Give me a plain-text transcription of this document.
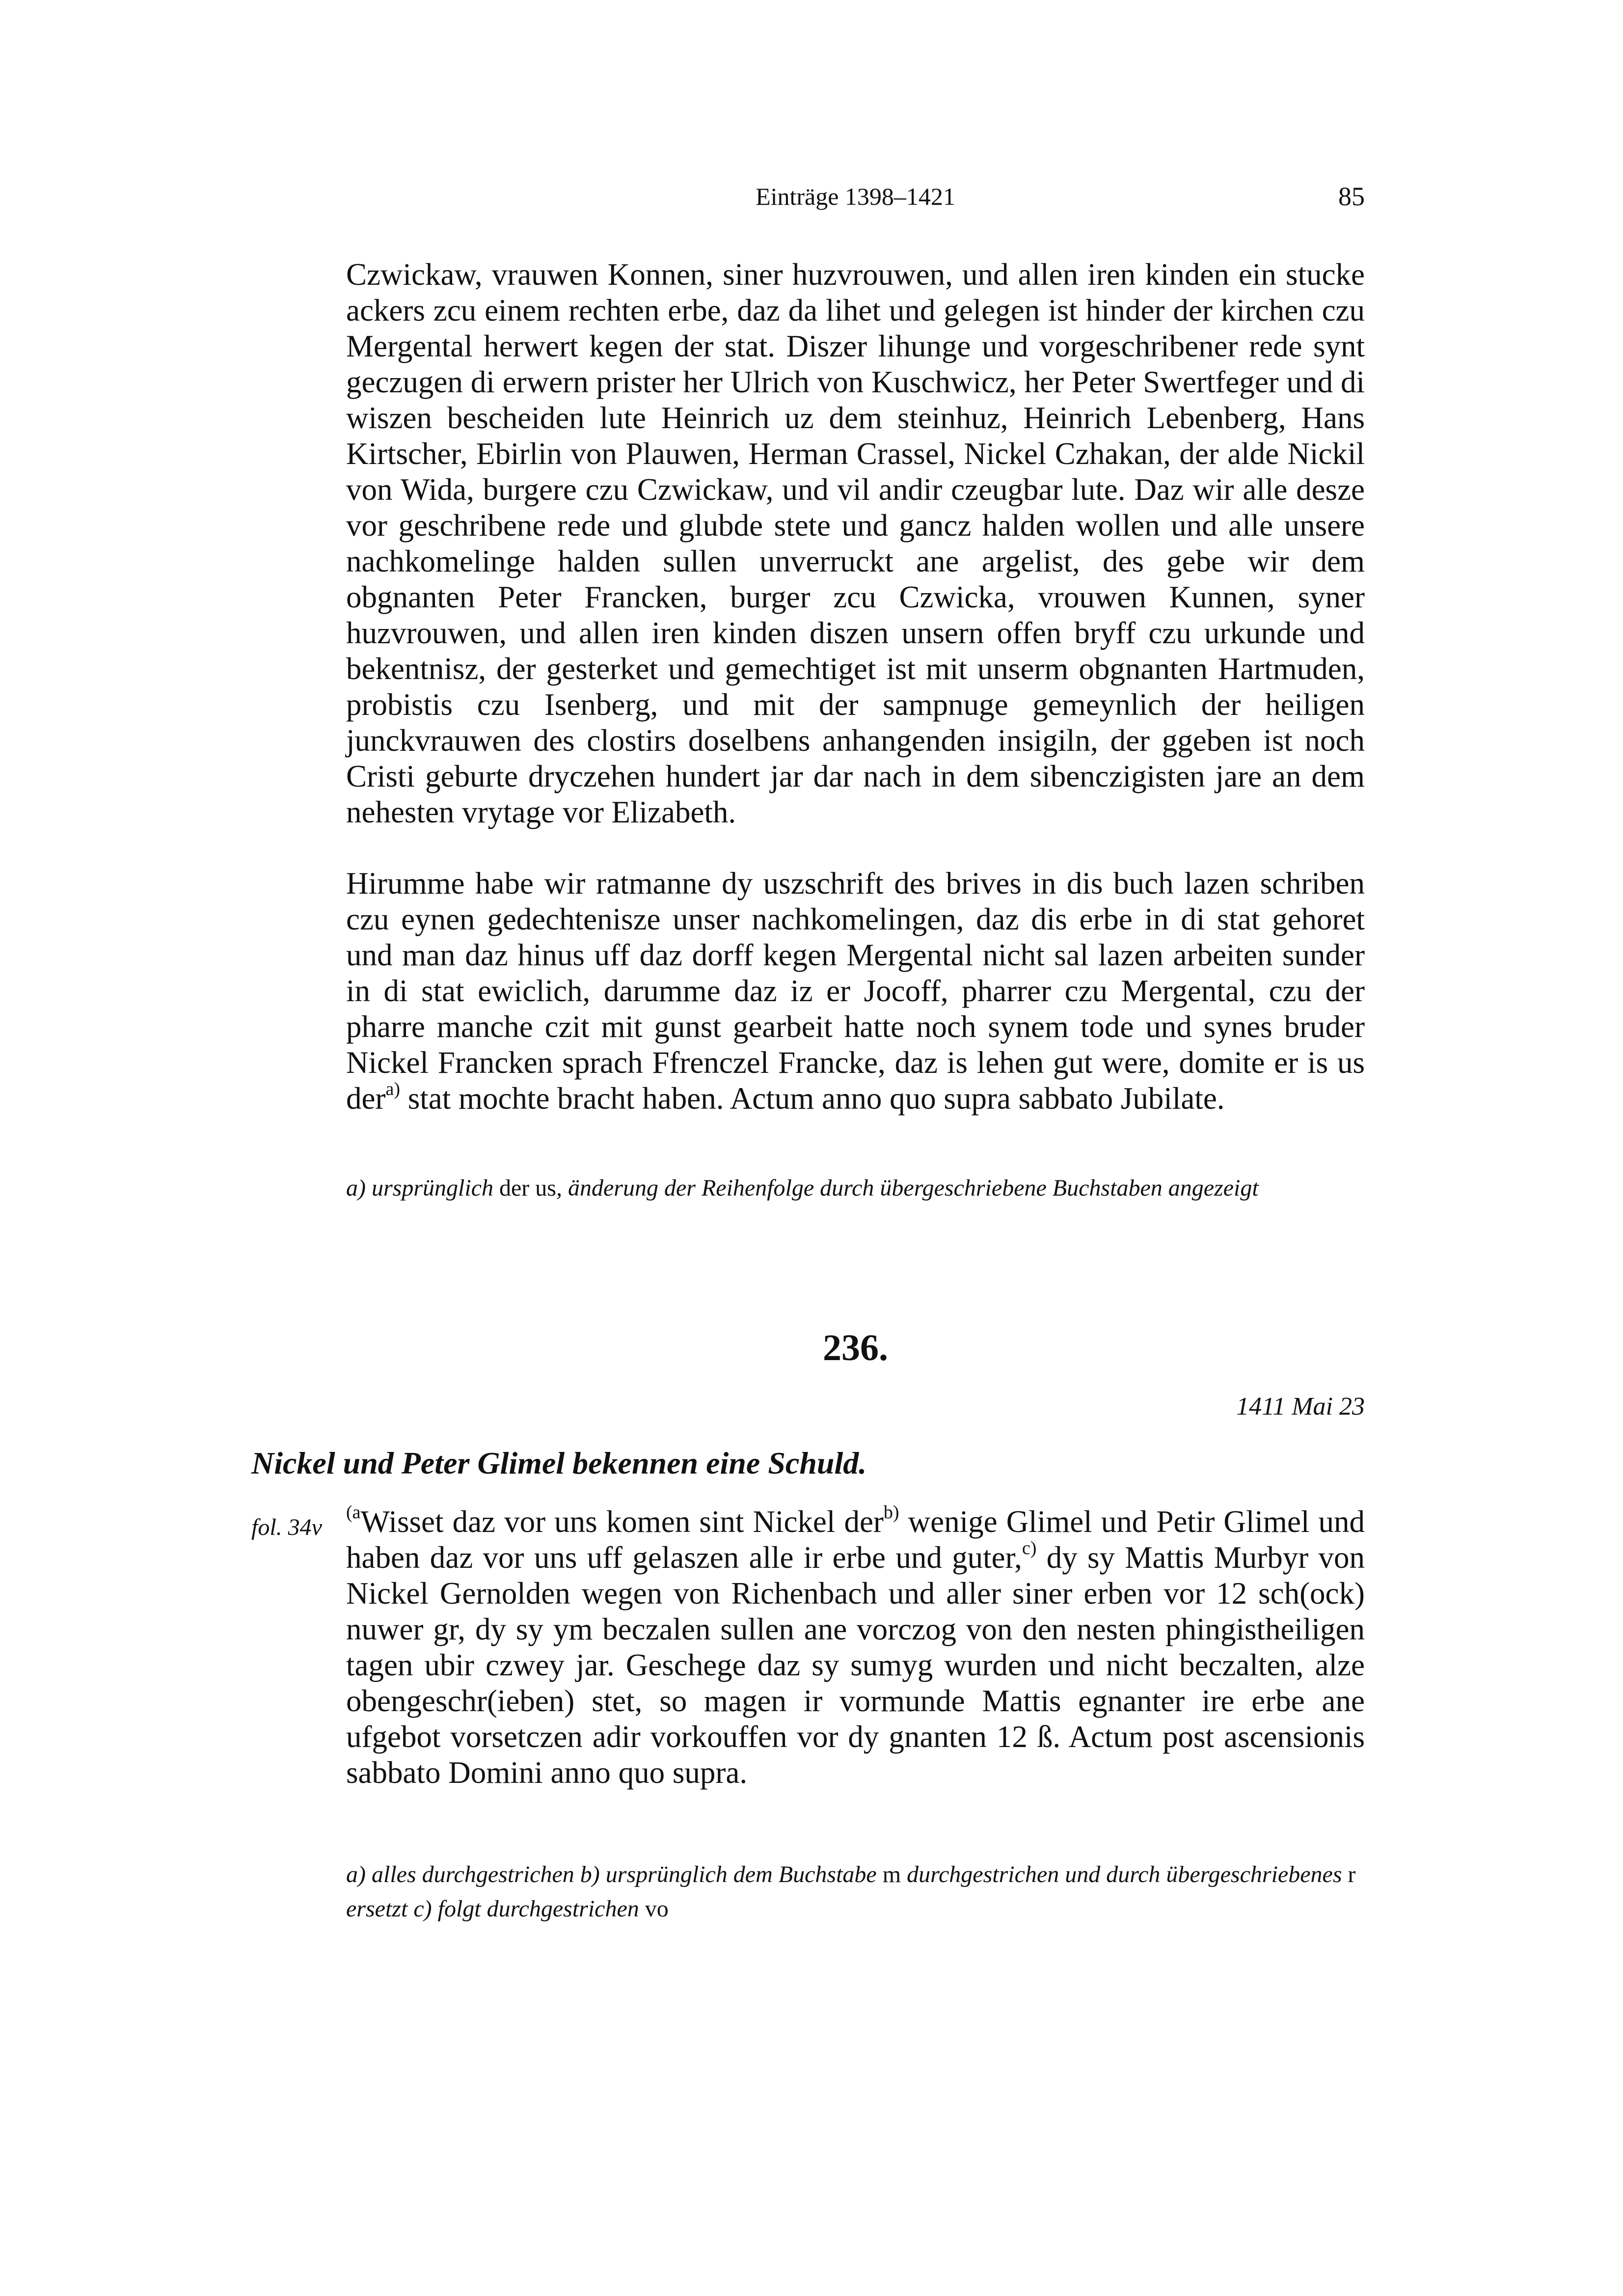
Einträge 1398–1421	85

Czwickaw, vrauwen Konnen, siner huzvrouwen, und allen iren kinden ein stucke ackers zcu einem rechten erbe, daz da lihet und gelegen ist hinder der kirchen czu Mergental herwert kegen der stat. Diszer lihunge und vorgeschribener rede synt geczugen di erwern prister her Ulrich von Kuschwicz, her Peter Swertfeger und di wiszen bescheiden lute Heinrich uz dem steinhuz, Heinrich Lebenberg, Hans Kirtscher, Ebirlin von Plauwen, Herman Crassel, Nickel Czhakan, der alde Nickil von Wida, burgere czu Czwickaw, und vil andir czeugbar lute. Daz wir alle desze vor geschribene rede und glubde stete und gancz halden wollen und alle unsere nachkomelinge halden sullen unverruckt ane argelist, des gebe wir dem obgnanten Peter Francken, burger zcu Czwicka, vrouwen Kunnen, syner huzvrouwen, und allen iren kinden diszen unsern offen bryff czu urkunde und bekentnisz, der gesterket und gemechtiget ist mit unserm obgnanten Hartmuden, probistis czu Isenberg, und mit der sampnuge gemeynlich der heiligen junckvrauwen des clostirs doselbens anhangenden insigiln, der ggeben ist noch Cristi geburte dryczehen hundert jar dar nach in dem sibenczigisten jare an dem nehesten vrytage vor Elizabeth.

Hirumme habe wir ratmanne dy uszschrift des brives in dis buch lazen schriben czu eynen gedechtenisze unser nachkomelingen, daz dis erbe in di stat gehoret und man daz hinus uff daz dorff kegen Mergental nicht sal lazen arbeiten sunder in di stat ewiclich, darumme daz iz er Jocoff, pharrer czu Mergental, czu der pharre manche czit mit gunst gearbeit hatte noch synem tode und synes bruder Nickel Francken sprach Ffrenczel Francke, daz is lehen gut were, domite er is us der$^{a)}$ stat mochte bracht haben. Actum anno quo supra sabbato Jubilate.

a) ursprünglich der us, änderung der Reihenfolge durch übergeschriebene Buchstaben angezeigt
236.
1411 Mai 23
Nickel und Peter Glimel bekennen eine Schuld.
fol. 34v

$^{(a}$Wisset daz vor uns komen sint Nickel der$^{b)}$ wenige Glimel und Petir Glimel und haben daz vor uns uff gelaszen alle ir erbe und guter,$^{c)}$ dy sy Mattis Murbyr von Nickel Gernolden wegen von Richenbach und aller siner erben vor 12 sch(ock) nuwer gr, dy sy ym beczalen sullen ane vorczog von den nesten phingistheiligen tagen ubir czwey jar. Geschege daz sy sumyg wurden und nicht beczalten, alze obengeschr(ieben) stet, so magen ir vormunde Mattis egnanter ire erbe ane ufgebot vorsetczen adir vorkouffen vor dy gnanten 12 ß. Actum post ascensionis sabbato Domini anno quo supra.

a) alles durchgestrichen b) ursprünglich dem Buchstabe m durchgestrichen und durch übergeschriebenes r ersetzt c) folgt durchgestrichen vo
